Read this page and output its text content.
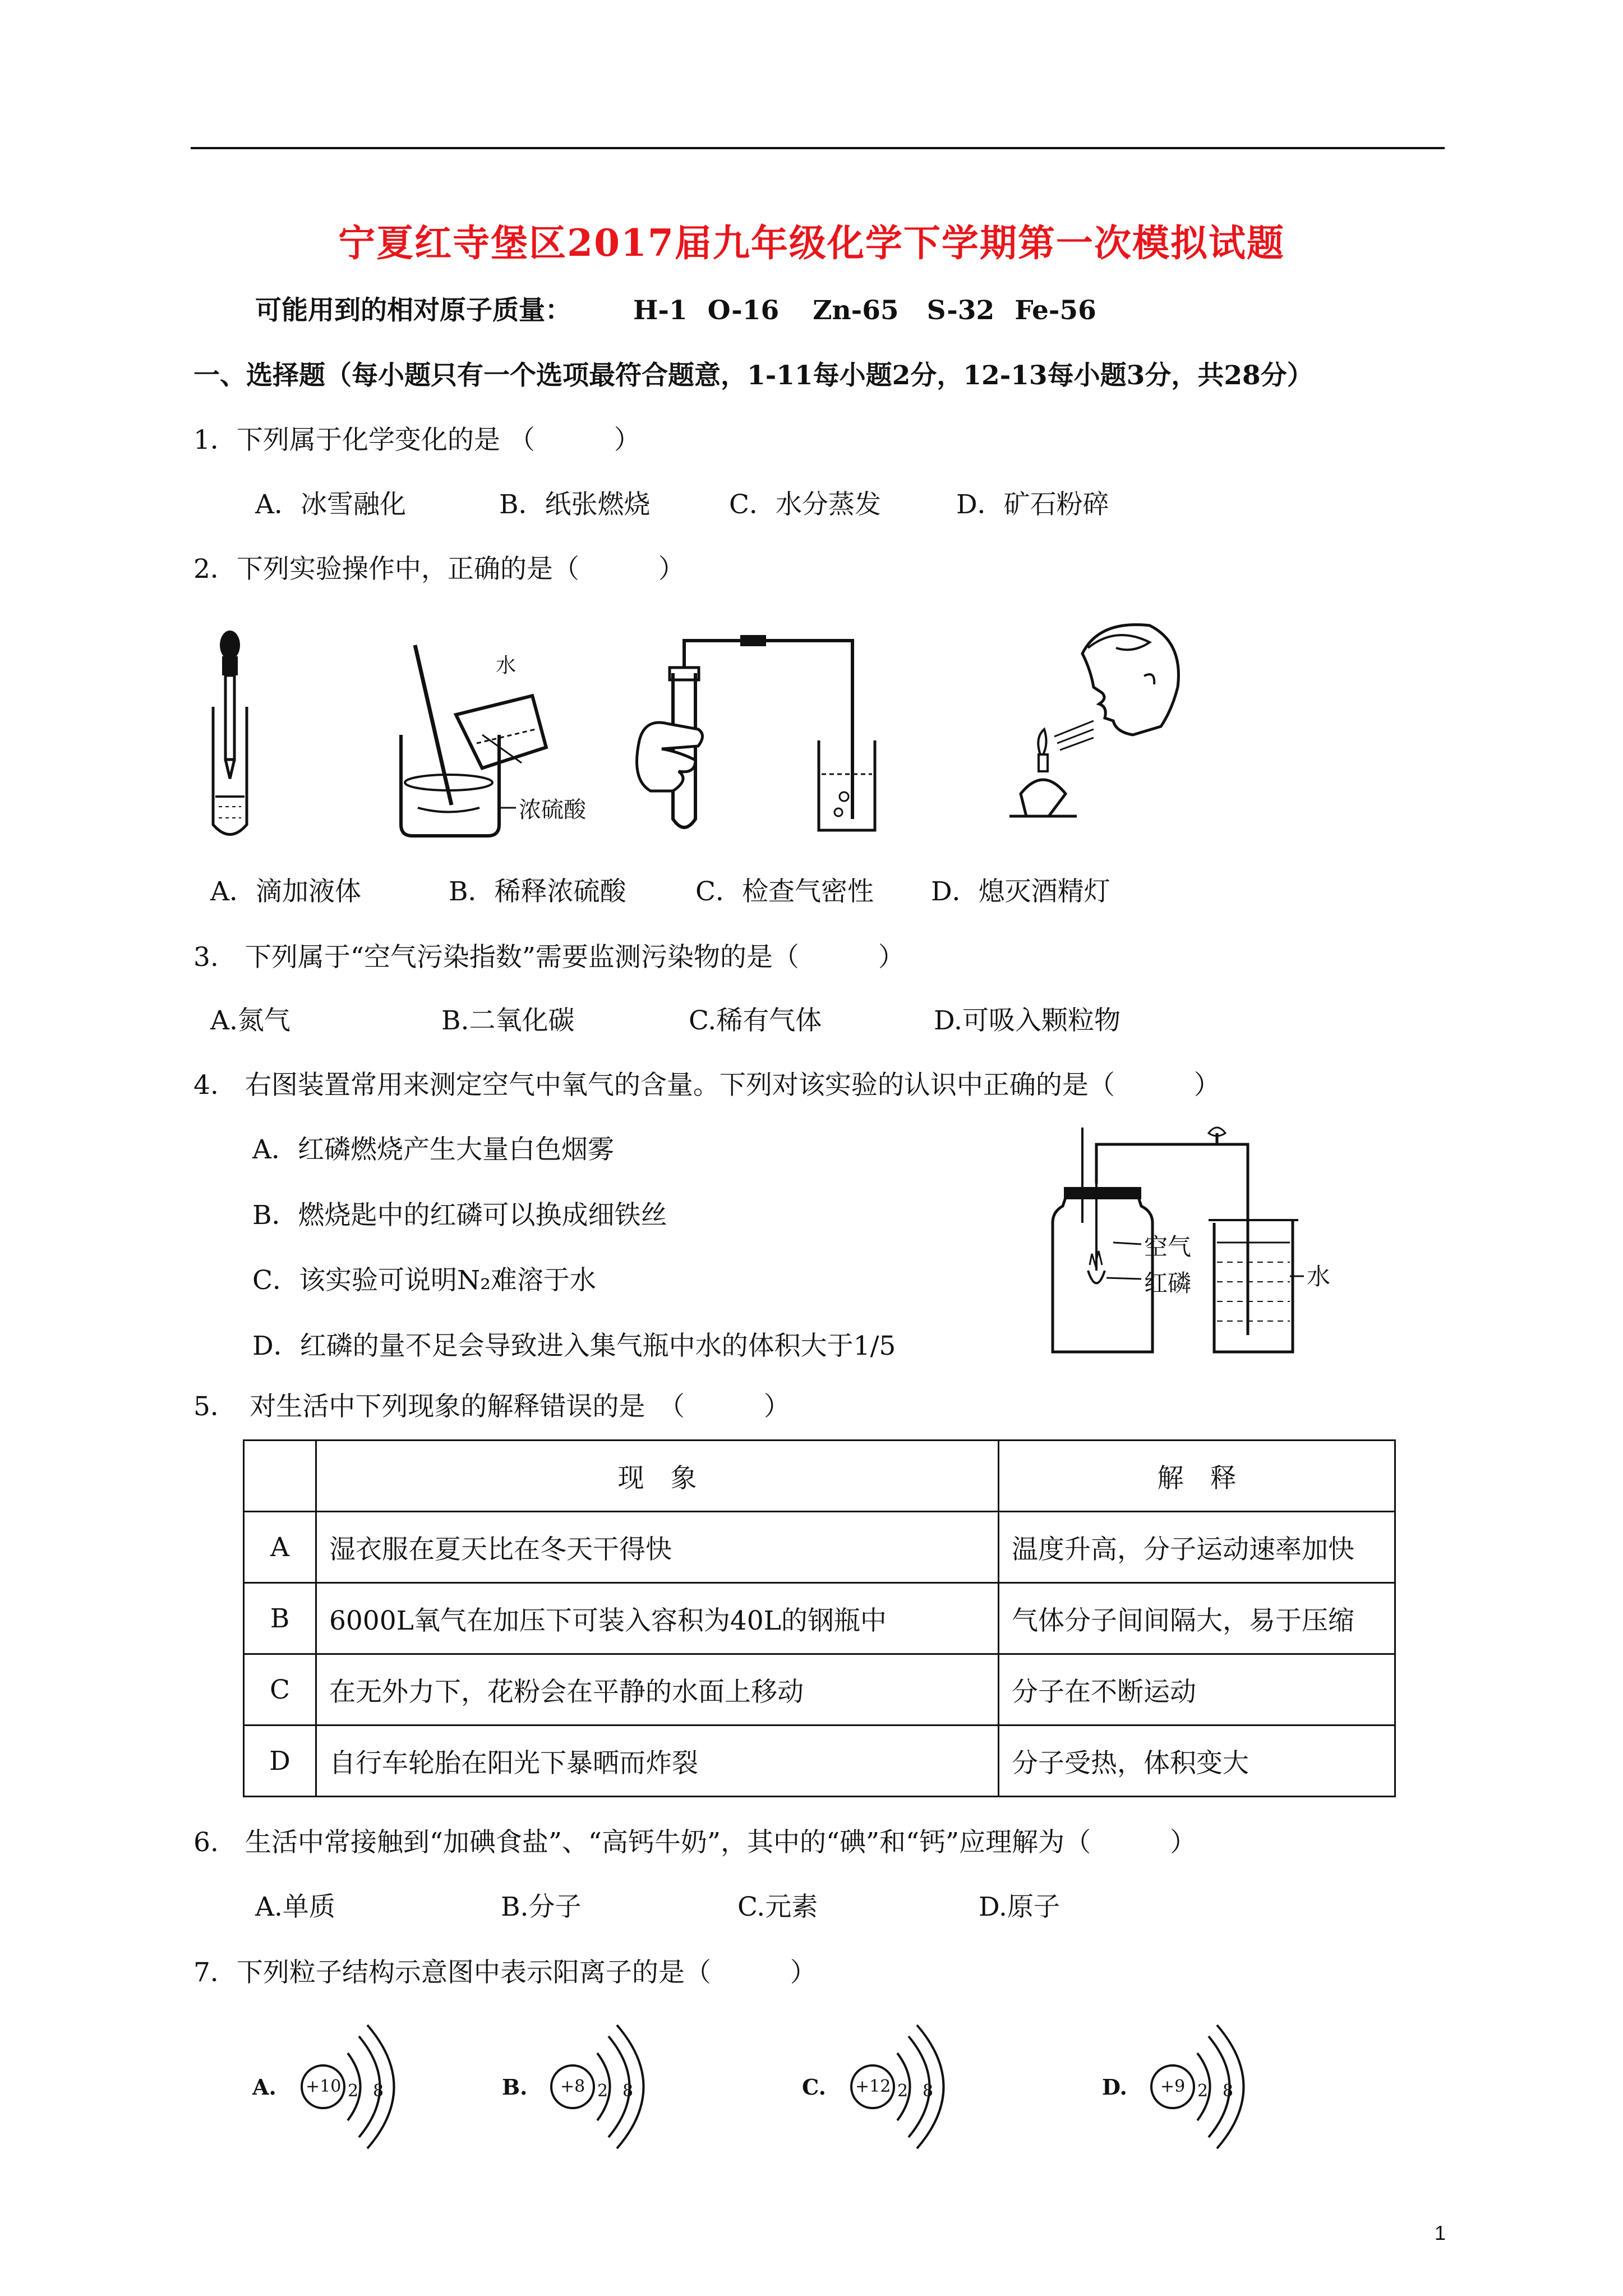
宁夏红寺堡区2017届九年级化学下学期第一次模拟试题
可能用到的相对原子质量： H-1 O-16 Zn-65 S-32 Fe-56
一、选择题（每小题只有一个选项最符合题意，1-11每小题2分，12-13每小题3分，共28分）
1．下列属于化学变化的是 （　　　）
A．冰雪融化	B．纸张燃烧	C．水分蒸发	D．矿石粉碎
2．下列实验操作中，正确的是（　　　）
水
浓硫酸
A．滴加液体	B．稀释浓硫酸	C．检查气密性 D．熄灭酒精灯
3.　下列属于“空气污染指数”需要监测污染物的是（　　　）
A.氮气	B.二氧化碳	C.稀有气体	D.可吸入颗粒物
4.　右图装置常用来测定空气中氧气的含量。下列对该实验的认识中正确的是（　　　）
A．红磷燃烧产生大量白色烟雾
B．燃烧匙中的红磷可以换成细铁丝
C．该实验可说明N₂难溶于水
D．红磷的量不足会导致进入集气瓶中水的体积大于1/5
空气
红磷	水
5．　对生活中下列现象的解释错误的是　（　　　）
	现　象	解　释
A	湿衣服在夏天比在冬天干得快	温度升高，分子运动速率加快
B	6000L氧气在加压下可装入容积为40L的钢瓶中	气体分子间间隔大，易于压缩
C	在无外力下，花粉会在平静的水面上移动	分子在不断运动
D	自行车轮胎在阳光下暴晒而炸裂	分子受热，体积变大
6.　生活中常接触到“加碘食盐”、“高钙牛奶”，其中的“碘”和“钙”应理解为（　　　）
A.单质	B.分子	C.元素	D.原子
7．下列粒子结构示意图中表示阳离子的是（　　　）
A. +10 2 8	B. +8 2 8	C. +12 2 8	D. +9 2 8
1
